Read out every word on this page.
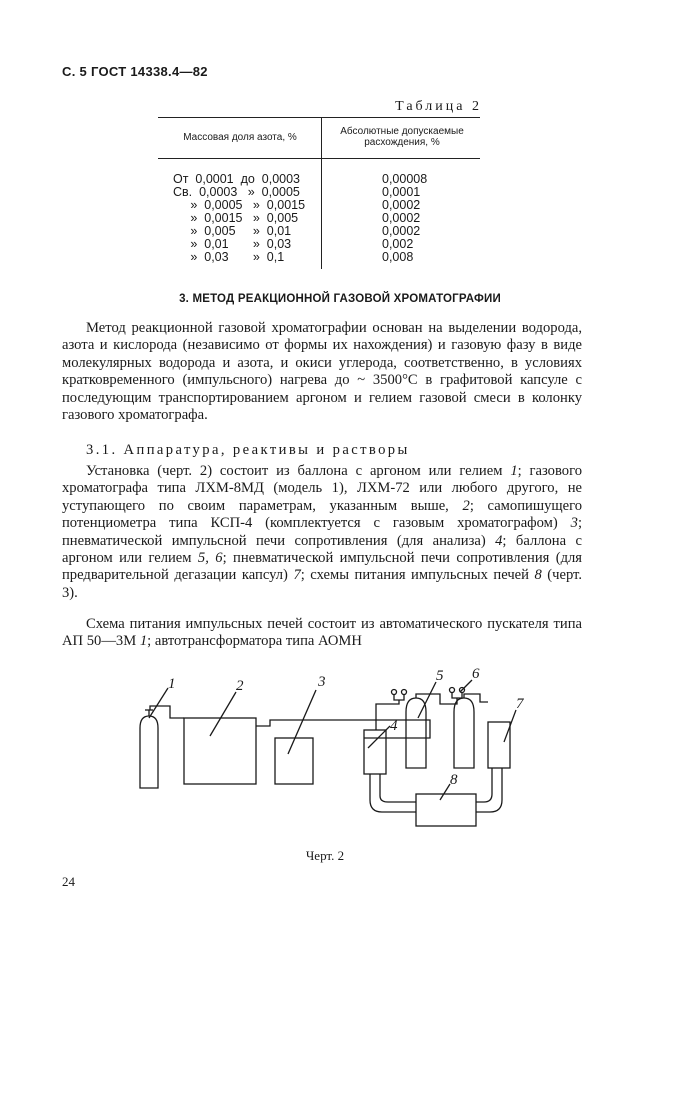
С. 5 ГОСТ 14338.4—82
Таблица 2
Массовая доля азота, %
Абсолютные допускаемые
расхождения, %
От  0,0001  до  0,0003	0,00008
Св.  0,0003   »  0,0005	0,0001
»  0,0005   »  0,0015	0,0002
»  0,0015   »  0,005	0,0002
»  0,005     »  0,01	0,0002
»  0,01       »  0,03	0,002
»  0,03       »  0,1	0,008
3. МЕТОД РЕАКЦИОННОЙ ГАЗОВОЙ ХРОМАТОГРАФИИ
Метод реакционной газовой хроматографии основан на выделении водорода, азота и кислорода (независимо от формы их нахождения) и газовую фазу в виде молекулярных водорода и азота, и окиси углерода, соответственно, в условиях кратковременного (импульсного) нагрева до ~ 3500°С в графитовой капсуле с последующим транспортированием аргоном и гелием газовой смеси в колонку газового хроматографа.
3.1. Аппаратура, реактивы и растворы
Установка (черт. 2) состоит из баллона с аргоном или гелием 1; газового хроматографа типа ЛХМ-8МД (модель 1), ЛХМ-72 или любого другого, не уступающего по своим параметрам, указанным выше, 2; самопишущего потенциометра типа КСП-4 (комплектуется с газовым хроматографом) 3; пневматической импульсной печи сопротивления (для анализа) 4; баллона с аргоном или гелием 5, 6; пневматической импульсной печи сопротивления (для предварительной дегазации капсул) 7; схемы питания импульсных печей 8 (черт. 3).
Схема питания импульсных печей состоит из автоматического пускателя типа АП 50—3М 1; автотрансформатора типа АОМН
1	2	3
4
5 6
7
8
Черт. 2
24
